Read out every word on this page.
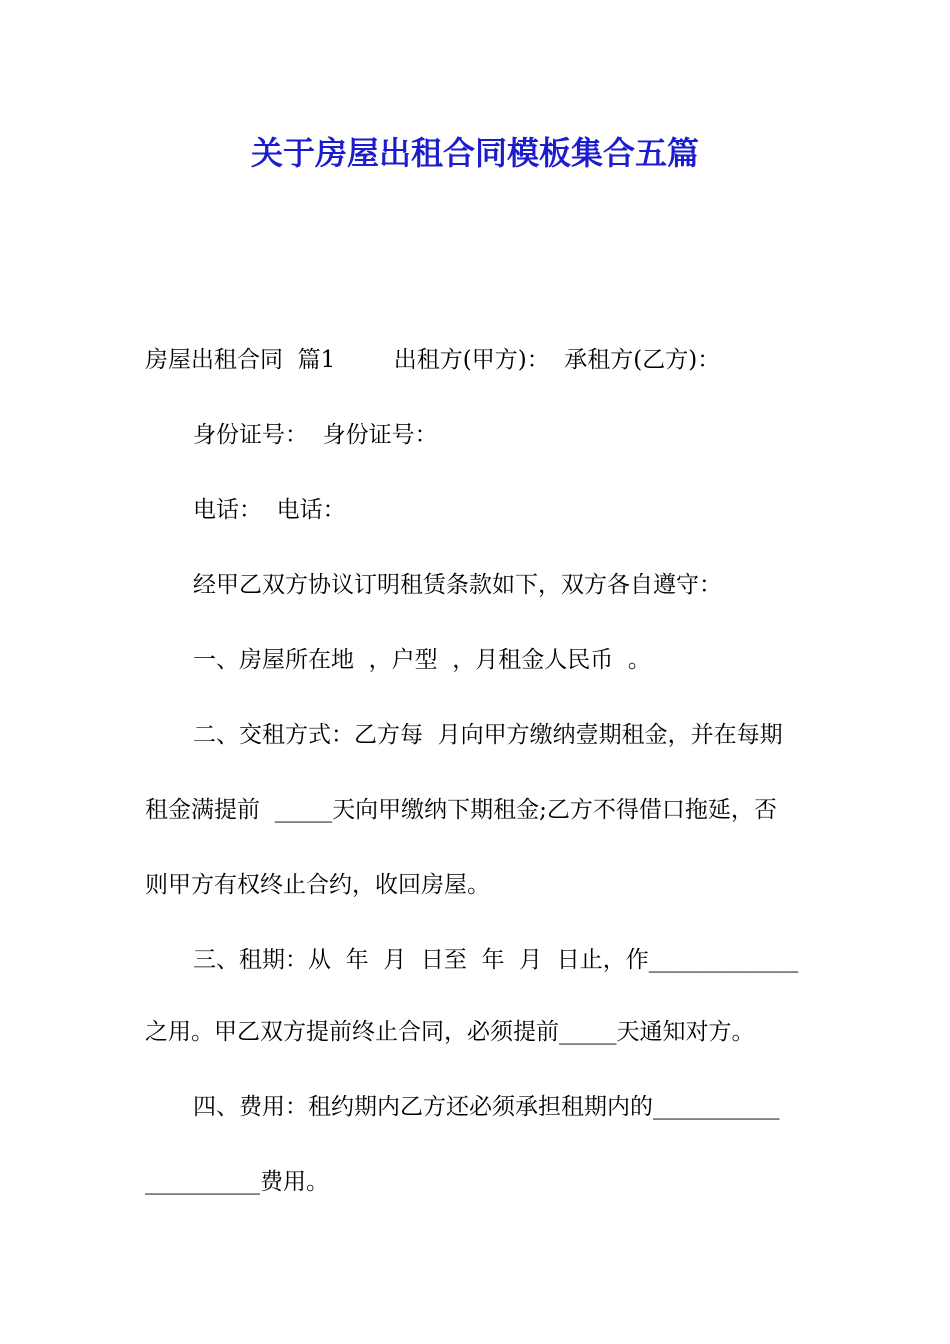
关于房屋出租合同模板集合五篇

房屋出租合同  篇1        出租方(甲方)：  承租方(乙方)：

身份证号：  身份证号：

电话：  电话：

经甲乙双方协议订明租赁条款如下，双方各自遵守：

一、房屋所在地  ，户型  ，月租金人民币  。

二、交租方式：乙方每  月向甲方缴纳壹期租金，并在每期

租金满提前  _____天向甲缴纳下期租金;乙方不得借口拖延，否

则甲方有权终止合约，收回房屋。

三、租期：从  年  月  日至  年  月  日止，作_____________

之用。甲乙双方提前终止合同，必须提前_____天通知对方。

四、费用：租约期内乙方还必须承担租期内的___________

__________费用。
